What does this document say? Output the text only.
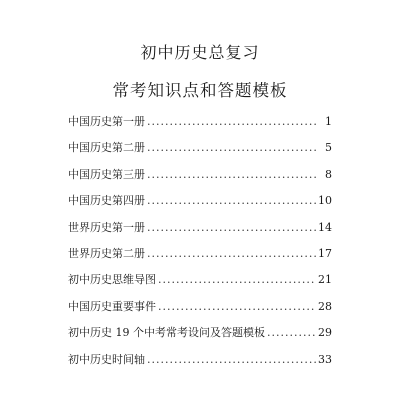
初中历史总复习
常考知识点和答题模板
中国历史第一册 .....	1
中国历史第二册 .....	5
中国历史第三册 .....	8
中国历史第四册 .....	10
世界历史第一册 .....	14
世界历史第二册 .....	17
初中历史思维导图 .....	21
中国历史重要事件 .....	28
初中历史 19 个中考常考设问及答题模板 .....	29
初中历史时间轴 .....	33
